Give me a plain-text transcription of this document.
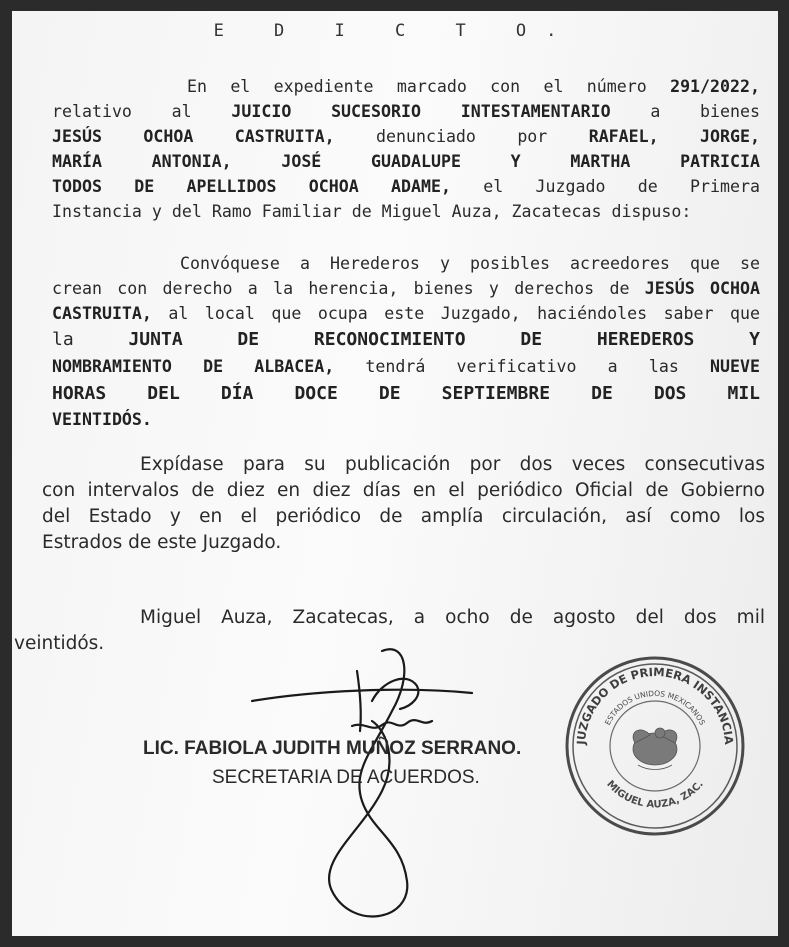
E D I C T O.
En el expediente marcado con el número 291/2022,
relativo al JUICIO SUCESORIO INTESTAMENTARIO a bienes
JESÚS OCHOA CASTRUITA, denunciado por RAFAEL, JORGE,
MARÍA ANTONIA, JOSÉ GUADALUPE Y MARTHA PATRICIA
TODOS DE APELLIDOS OCHOA ADAME, el Juzgado de Primera
Instancia y del Ramo Familiar de Miguel Auza, Zacatecas dispuso:
Convóquese a Herederos y posibles acreedores que se
crean con derecho a la herencia, bienes y derechos de JESÚS OCHOA
CASTRUITA, al local que ocupa este Juzgado, haciéndoles saber que
la JUNTA DE RECONOCIMIENTO DE HEREDEROS Y
NOMBRAMIENTO DE ALBACEA, tendrá verificativo a las NUEVE
HORAS DEL DÍA DOCE DE SEPTIEMBRE DE DOS MIL
VEINTIDÓS.
Expídase para su publicación por dos veces consecutivas
con intervalos de diez en diez días en el periódico Oficial de Gobierno
del Estado y en el periódico de amplía circulación, así como los
Estrados de este Juzgado.
Miguel Auza, Zacatecas, a ocho de agosto del dos mil
veintidós.
LIC. FABIOLA JUDITH MUÑOZ SERRANO.
SECRETARIA DE ACUERDOS.
JUZGADO DE PRIMERA INSTANCIA
ESTADOS UNIDOS MEXICANOS
MIGUEL AUZA, ZAC.
